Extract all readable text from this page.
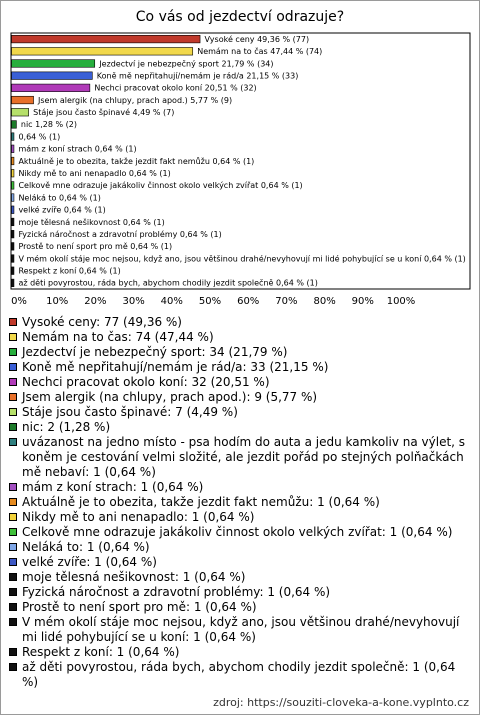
Co vás od jezdectví odrazuje?
Vysoké ceny 49,36 % (77)
Nemám na to čas 47,44 % (74)
Jezdectví je nebezpečný sport 21,79 % (34)
Koně mě nepřitahují/nemám je rád/a 21,15 % (33)
Nechci pracovat okolo koní 20,51 % (32)
Jsem alergik (na chlupy, prach apod.) 5,77 % (9)
Stáje jsou často špinavé 4,49 % (7)
nic 1,28 % (2)
0,64 % (1)
mám z koní strach 0,64 % (1)
Aktuálně je to obezita, takže jezdit fakt nemůžu 0,64 % (1)
Nikdy mě to ani nenapadlo 0,64 % (1)
Celkově mne odrazuje jakákoliv činnost okolo velkých zvířat 0,64 % (1)
Neláká to 0,64 % (1)
velké zvíře 0,64 % (1)
moje tělesná nešikovnost 0,64 % (1)
Fyzická náročnost a zdravotní problémy 0,64 % (1)
Prostě to není sport pro mě 0,64 % (1)
V mém okolí stáje moc nejsou, když ano, jsou většinou drahé/nevyhovují mi lidé pohybující se u koní 0,64 % (1)
Respekt z koní 0,64 % (1)
až děti povyrostou, ráda bych, abychom chodily jezdit společně 0,64 % (1)
0% 10% 20% 30% 40% 50% 60% 70% 80% 90% 100%
Vysoké ceny: 77 (49,36 %)
Nemám na to čas: 74 (47,44 %)
Jezdectví je nebezpečný sport: 34 (21,79 %)
Koně mě nepřitahují/nemám je rád/a: 33 (21,15 %)
Nechci pracovat okolo koní: 32 (20,51 %)
Jsem alergik (na chlupy, prach apod.): 9 (5,77 %)
Stáje jsou často špinavé: 7 (4,49 %)
nic: 2 (1,28 %)
uvázanost na jedno místo - psa hodím do auta a jedu kamkoliv na výlet, s koněm je cestování velmi složité, ale jezdit pořád po stejných polňačkách mě nebaví: 1 (0,64 %)
mám z koní strach: 1 (0,64 %)
Aktuálně je to obezita, takže jezdit fakt nemůžu: 1 (0,64 %)
Nikdy mě to ani nenapadlo: 1 (0,64 %)
Celkově mne odrazuje jakákoliv činnost okolo velkých zvířat: 1 (0,64 %)
Neláká to: 1 (0,64 %)
velké zvíře: 1 (0,64 %)
moje tělesná nešikovnost: 1 (0,64 %)
Fyzická náročnost a zdravotní problémy: 1 (0,64 %)
Prostě to není sport pro mě: 1 (0,64 %)
V mém okolí stáje moc nejsou, když ano, jsou většinou drahé/nevyhovují mi lidé pohybující se u koní: 1 (0,64 %)
Respekt z koní: 1 (0,64 %)
až děti povyrostou, ráda bych, abychom chodily jezdit společně: 1 (0,64 %)
zdroj: https://souziti-cloveka-a-kone.vyplnto.cz
